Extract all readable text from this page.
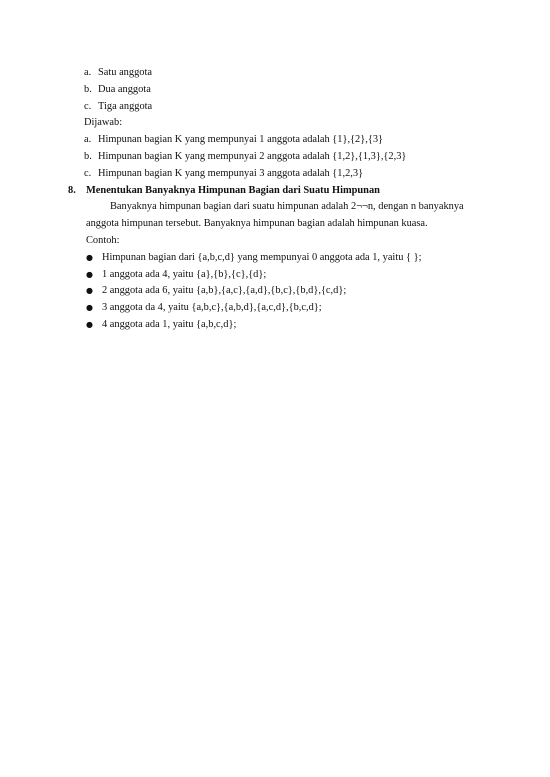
a. Satu anggota
b. Dua anggota
c. Tiga anggota
Dijawab:
a. Himpunan bagian K yang mempunyai 1 anggota adalah {1},{2},{3}
b. Himpunan bagian K yang mempunyai 2 anggota adalah {1,2},{1,3},{2,3}
c. Himpunan bagian K yang mempunyai 3 anggota adalah {1,2,3}
8. Menentukan Banyaknya Himpunan Bagian dari Suatu Himpunan
Banyaknya himpunan bagian dari suatu himpunan adalah 2¬¬n, dengan n banyaknya anggota himpunan tersebut. Banyaknya himpunan bagian adalah himpunan kuasa.
Contoh:
● Himpunan bagian dari {a,b,c,d} yang mempunyai 0 anggota ada 1, yaitu { };
● 1 anggota ada 4, yaitu {a},{b},{c},{d};
● 2 anggota ada 6, yaitu {a,b},{a,c},{a,d},{b,c},{b,d},{c,d};
● 3 anggota da 4, yaitu {a,b,c},{a,b,d},{a,c,d},{b,c,d};
● 4 anggota ada 1, yaitu {a,b,c,d};
